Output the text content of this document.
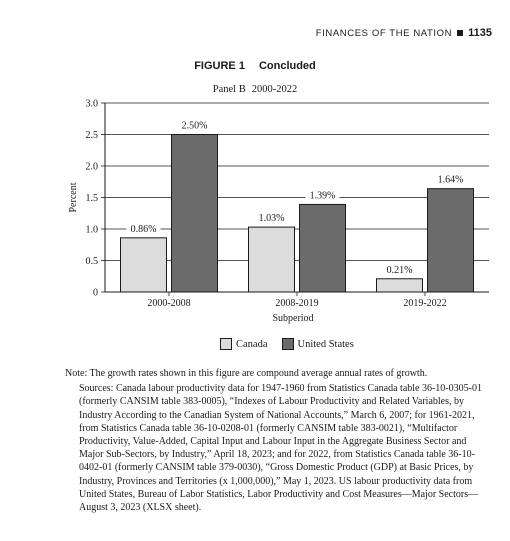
FINANCES OF THE NATION 1135
FIGURE 1 Concluded
Panel B 2000-2022
0
0.5
1.0
1.5
2.0
2.5
3.0
0.86%
2.50%
2000-2008
1.03%
1.39%
2008-2019
0.21%
1.64%
2019-2022
Subperiod
Percent
Canada	United States

Note: The growth rates shown in this figure are compound average annual rates of growth.

Sources: Canada labour productivity data for 1947-1960 from Statistics Canada table 36-10-0305-01 (formerly CANSIM table 383-0005), “Indexes of Labour Productivity and Related Variables, by Industry According to the Canadian System of National Accounts,” March 6, 2007; for 1961-2021, from Statistics Canada table 36-10-0208-01 (formerly CANSIM table 383-0021), “Multifactor Productivity, Value-Added, Capital Input and Labour Input in the Aggregate Business Sector and Major Sub-Sectors, by Industry,” April 18, 2023; and for 2022, from Statistics Canada table 36-10-0402-01 (formerly CANSIM table 379-0030), “Gross Domestic Product (GDP) at Basic Prices, by Industry, Provinces and Territories (x 1,000,000),” May 1, 2023. US labour productivity data from United States, Bureau of Labor Statistics, Labor Productivity and Cost Measures—Major Sectors—August 3, 2023 (XLSX sheet).
